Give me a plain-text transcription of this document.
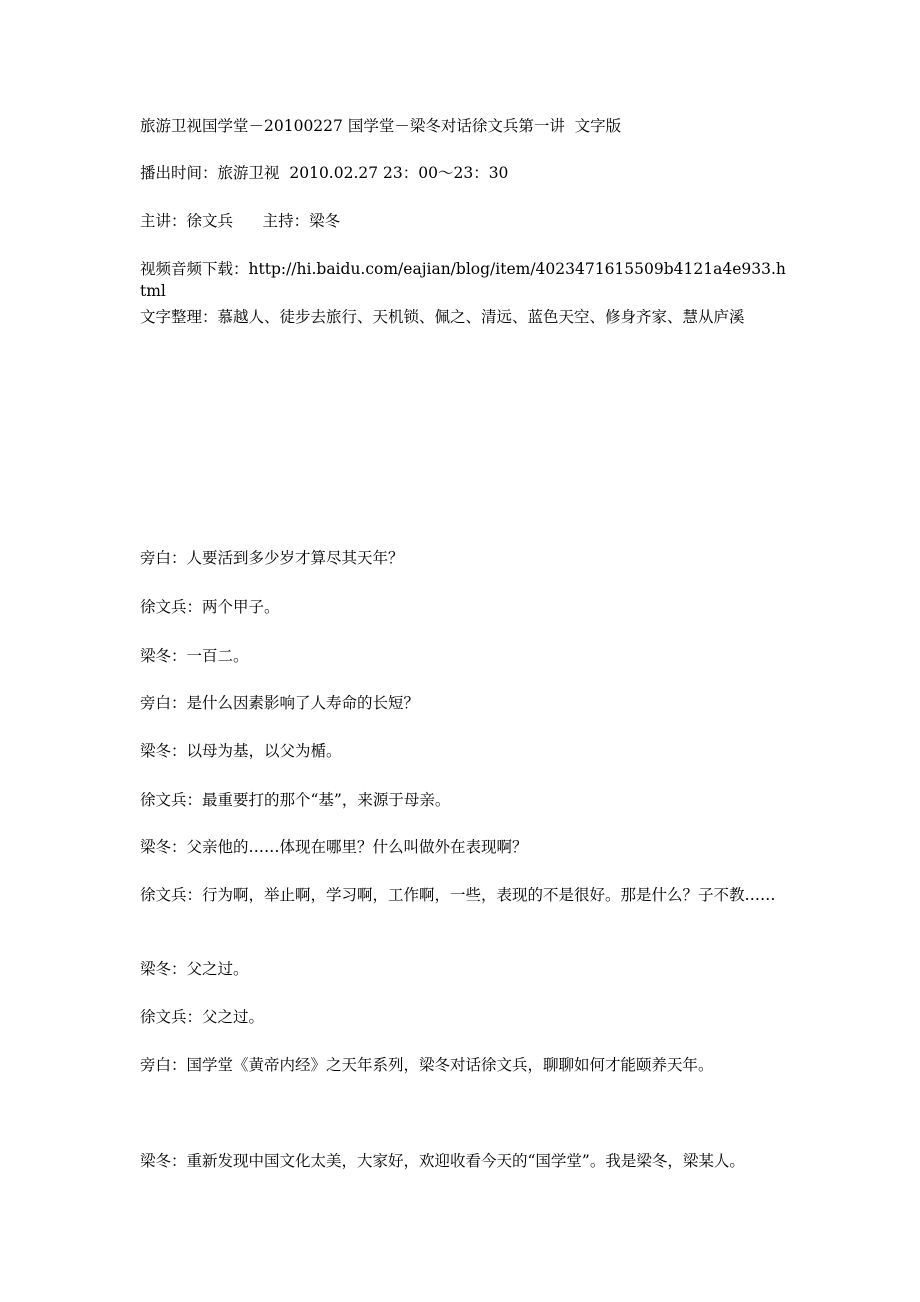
旅游卫视国学堂－20100227 国学堂－梁冬对话徐文兵第一讲  文字版
播出时间：旅游卫视  2010.02.27 23：00～23：30
主讲：徐文兵      主持：梁冬
视频音频下载：http://hi.baidu.com/eajian/blog/item/4023471615509b4121a4e933.html
文字整理：慕越人、徒步去旅行、天机锁、佩之、清远、蓝色天空、修身齐家、慧从庐溪
旁白：人要活到多少岁才算尽其天年？
徐文兵：两个甲子。
梁冬：一百二。
旁白：是什么因素影响了人寿命的长短？
梁冬：以母为基，以父为楯。
徐文兵：最重要打的那个“基”，来源于母亲。
梁冬：父亲他的……体现在哪里？什么叫做外在表现啊？
徐文兵：行为啊，举止啊，学习啊，工作啊，一些，表现的不是很好。那是什么？子不教……
梁冬：父之过。
徐文兵：父之过。
旁白：国学堂《黄帝内经》之天年系列，梁冬对话徐文兵，聊聊如何才能颐养天年。
梁冬：重新发现中国文化太美，大家好，欢迎收看今天的“国学堂”。我是梁冬，梁某人。
